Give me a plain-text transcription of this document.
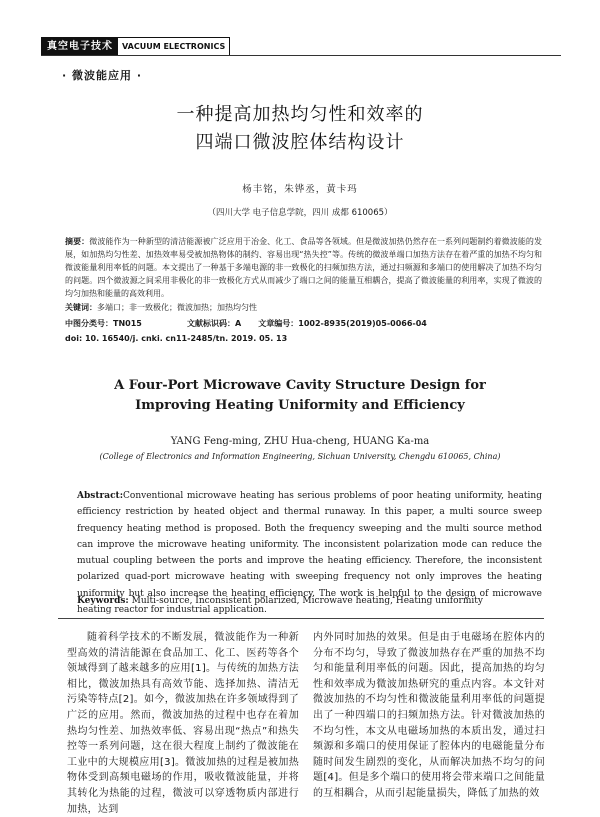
真空电子技术	VACUUM ELECTRONICS
· 微波能应用 ·
一种提高加热均匀性和效率的
四端口微波腔体结构设计
杨丰铭，朱铧丞，黄卡玛
（四川大学 电子信息学院，四川 成都 610065）
摘要：微波能作为一种新型的清洁能源被广泛应用于冶金、化工、食品等各领域。但是微波加热仍然存在一系列问题制约着微波能的发展，如加热均匀性差、加热效率易受被加热物体的制约、容易出现“热失控”等。传统的微波单端口加热方法存在着严重的加热不均匀和微波能量利用率低的问题。本文提出了一种基于多端电源的非一致极化的扫频加热方法，通过扫频源和多端口的使用解决了加热不均匀的问题。四个微波源之间采用非极化的非一致极化方式从而减少了端口之间的能量互相耦合，提高了微波能量的利用率，实现了微波的均匀加热和能量的高效利用。
关键词：多端口；非一致极化；微波加热；加热均匀性
中图分类号：TN015	文献标识码：A 文章编号：1002-8935(2019)05-0066-04
doi: 10. 16540/j. cnki. cn11-2485/tn. 2019. 05. 13
A Four-Port Microwave Cavity Structure Design for
Improving Heating Uniformity and Efficiency
YANG Feng-ming, ZHU Hua-cheng, HUANG Ka-ma
(College of Electronics and Information Engineering, Sichuan University, Chengdu 610065, China)
Abstract:Conventional microwave heating has serious problems of poor heating uniformity, heating efficiency restriction by heated object and thermal runaway. In this paper, a multi source sweep frequency heating method is proposed. Both the frequency sweeping and the multi source method can improve the microwave heating uniformity. The inconsistent polarization mode can reduce the mutual coupling between the ports and improve the heating efficiency. Therefore, the inconsistent polarized quad-port microwave heating with sweeping frequency not only improves the heating uniformity but also increase the heating efficiency. The work is helpful to the design of microwave heating reactor for industrial application.
Keywords: Multi-source, Inconsistent polarized, Microwave heating, Heating uniformity
随着科学技术的不断发展，微波能作为一种新型高效的清洁能源在食品加工、化工、医药等各个领域得到了越来越多的应用[1]。与传统的加热方法相比，微波加热具有高效节能、选择加热、清洁无污染等特点[2]。如今，微波加热在许多领域得到了广泛的应用。然而，微波加热的过程中也存在着加热均匀性差、加热效率低、容易出现“热点”和热失控等一系列问题，这在很大程度上制约了微波能在工业中的大规模应用[3]。微波加热的过程是被加热物体受到高频电磁场的作用，吸收微波能量，并将其转化为热能的过程，微波可以穿透物质内部进行加热，达到
内外同时加热的效果。但是由于电磁场在腔体内的分布不均匀，导致了微波加热存在严重的加热不均匀和能量利用率低的问题。因此，提高加热的均匀性和效率成为微波加热研究的重点内容。本文针对微波加热的不均匀性和微波能量利用率低的问题提出了一种四端口的扫频加热方法。针对微波加热的不均匀性，本文从电磁场加热的本质出发，通过扫频源和多端口的使用保证了腔体内的电磁能量分布随时间发生剧烈的变化，从而解决加热不均匀的问题[4]。但是多个端口的使用将会带来端口之间能量的互相耦合，从而引起能量损失，降低了加热的效
